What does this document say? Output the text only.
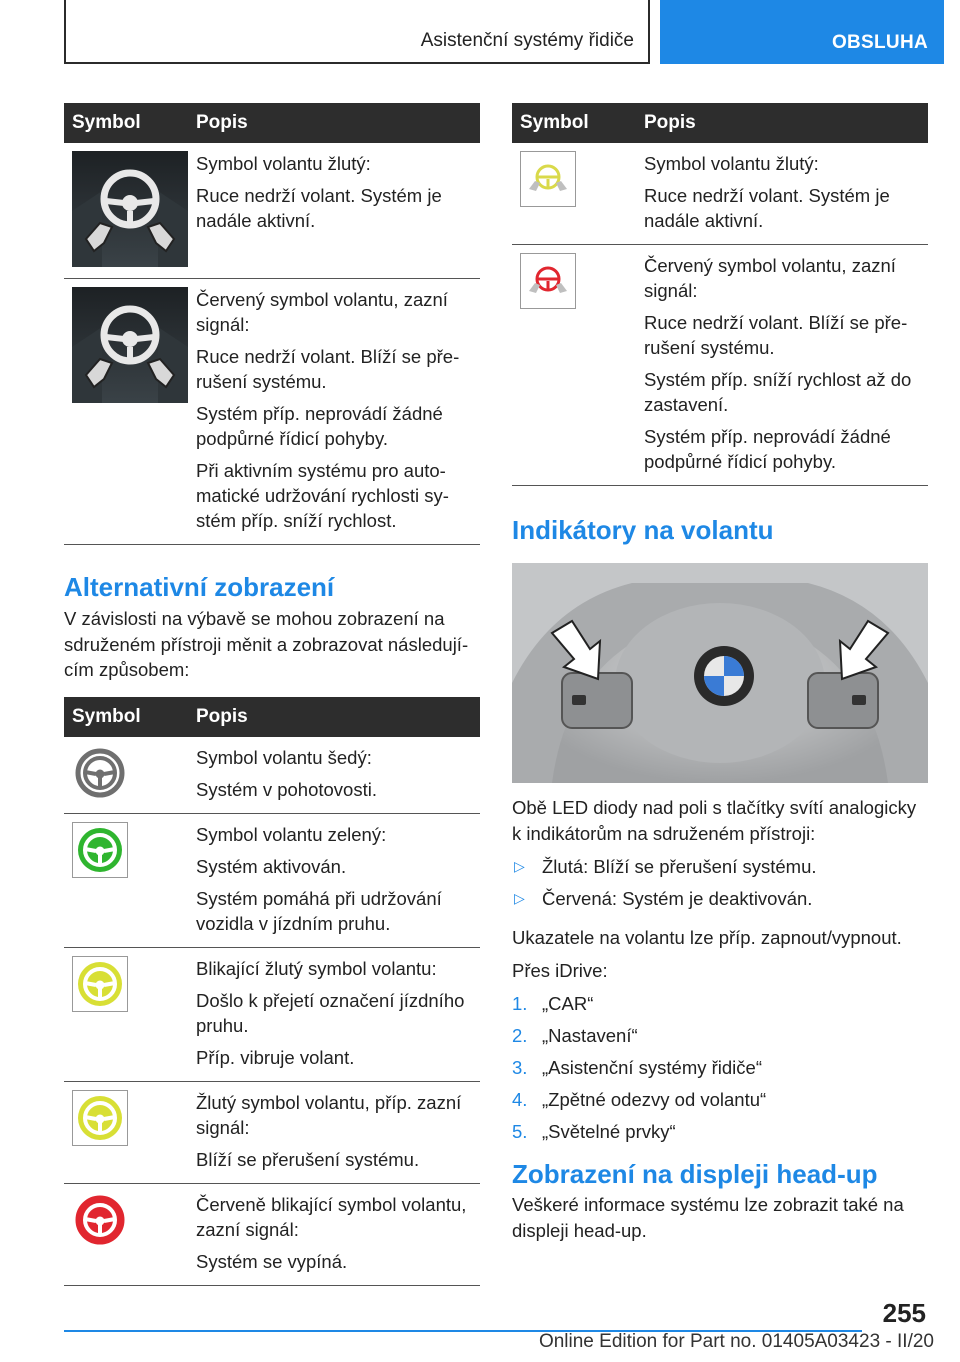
Asistenční systémy řidiče	OBSLUHA
Symbol	Popis

Symbol volantu žlutý:
Ruce nedrží volant. Systém je nadále aktivní.

Červený symbol volantu, zazní signál:
Ruce nedrží volant. Blíží se pře-rušení systému.
Systém příp. neprovádí žádné podpůrné řídicí pohyby.
Při aktivním systému pro auto-matické udržování rychlosti sy-stém příp. sníží rychlost.
Alternativní zobrazení
V závislosti na výbavě se mohou zobrazení na sdruženém přístroji měnit a zobrazovat následují-cím způsobem:
Symbol	Popis

Symbol volantu šedý:
Systém v pohotovosti.

Symbol volantu zelený:
Systém aktivován.
Systém pomáhá při udržování vozidla v jízdním pruhu.

Blikající žlutý symbol volantu:
Došlo k přejetí označení jízdního pruhu.
Příp. vibruje volant.

Žlutý symbol volantu, příp. zazní signál:
Blíží se přerušení systému.

Červeně blikající symbol volantu, zazní signál:
Systém se vypíná.
Symbol	Popis

Symbol volantu žlutý:
Ruce nedrží volant. Systém je nadále aktivní.

Červený symbol volantu, zazní signál:
Ruce nedrží volant. Blíží se pře-rušení systému.
Systém příp. sníží rychlost až do zastavení.
Systém příp. neprovádí žádné podpůrné řídicí pohyby.
Indikátory na volantu
Obě LED diody nad poli s tlačítky svítí analogicky k indikátorům na sdruženém přístroji:
▷ Žlutá: Blíží se přerušení systému.
▷ Červená: Systém je deaktivován.
Ukazatele na volantu lze příp. zapnout/vypnout.
Přes iDrive:
1. „CAR“
2. „Nastavení“
3. „Asistenční systémy řidiče“
4. „Zpětné odezvy od volantu“
5. „Světelné prvky“
Zobrazení na displeji head-up
Veškeré informace systému lze zobrazit také na displeji head-up.
255
Online Edition for Part no. 01405A03423 - II/20
